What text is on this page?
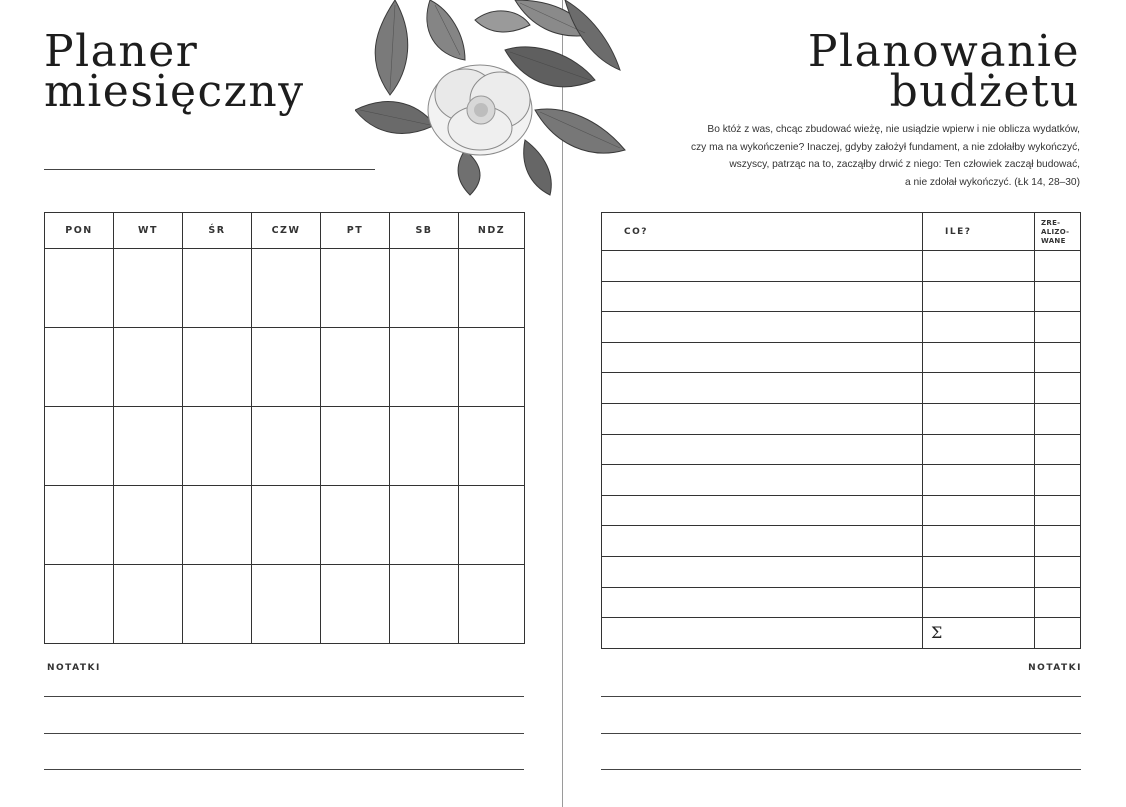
Planer
miesięczny
PON	WT	ŚR	CZW	PT	SB	NDZ

NOTATKI
Planowanie
budżetu
Bo któż z was, chcąc zbudować wieżę, nie usiądzie wpierw i nie oblicza wydatków,
czy ma na wykończenie? Inaczej, gdyby założył fundament, a nie zdołałby wykończyć,
wszyscy, patrząc na to, zacząłby drwić z niego: Ten człowiek zaczął budować,
a nie zdołał wykończyć. (Łk 14, 28–30)
CO?	ILE?	ZRE-
ALIZO-
WANE

	Σ	
NOTATKI
